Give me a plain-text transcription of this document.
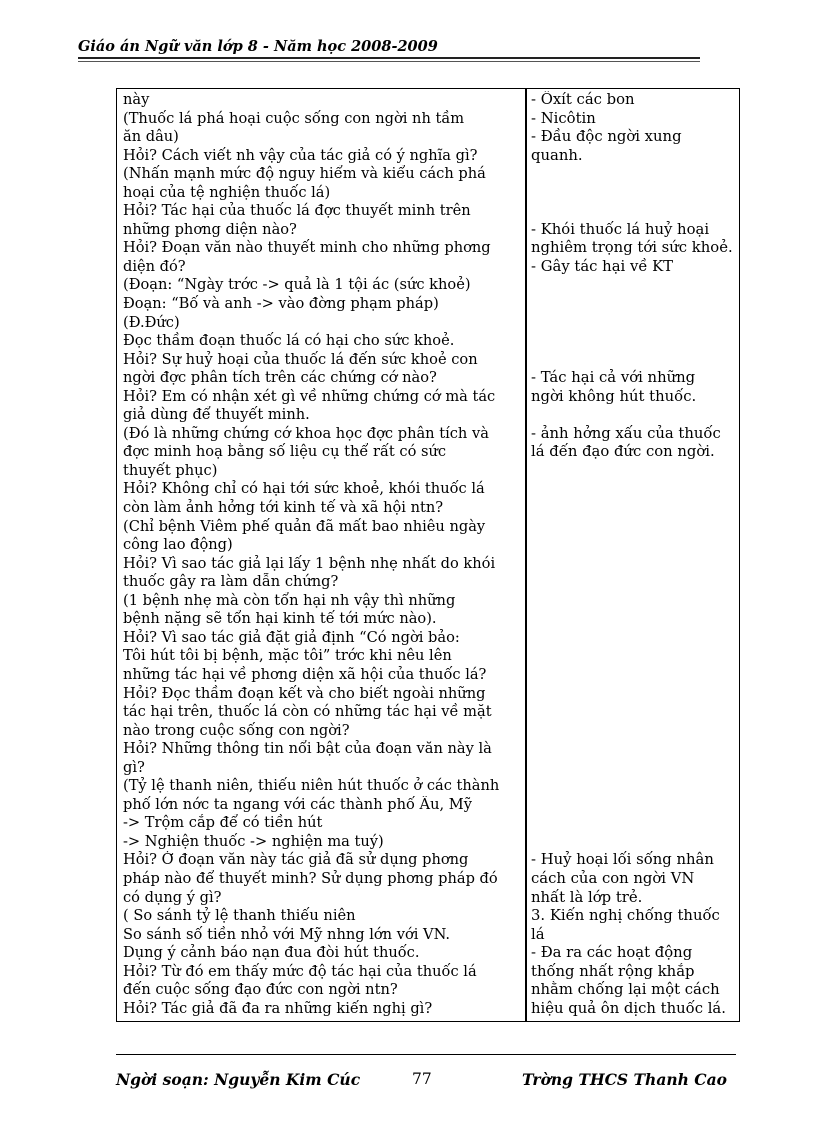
Giáo án Ngữ văn lớp 8 - Năm học 2008-2009
này
(Thuốc lá phá hoại cuộc sống con ngời nh tầm
ăn dâu)
Hỏi? Cách viết nh vậy của tác giả có ý nghĩa gì?
(Nhấn mạnh mức độ nguy hiểm và kiểu cách phá
hoại của tệ nghiện thuốc lá)
Hỏi? Tác hại của thuốc lá đợc thuyết minh trên
những phơng diện nào?
Hỏi? Đoạn văn nào thuyết minh cho những phơng
diện đó?
(Đoạn: “Ngày trớc -> quả là 1 tội ác (sức khoẻ)
Đoạn: “Bố và anh -> vào đờng phạm pháp)
(Đ.Đức)
Đọc thầm đoạn thuốc lá có hại cho sức khoẻ.
Hỏi? Sự huỷ hoại của thuốc lá đến sức khoẻ con
ngời đợc phân tích trên các chứng cớ nào?
Hỏi? Em có nhận xét gì về những chứng cớ mà tác
giả dùng để thuyết minh.
(Đó là những chứng cớ khoa học đợc phân tích và
đợc minh hoạ bằng số liệu cụ thể rất có sức
thuyết phục)
Hỏi? Không chỉ có hại tới sức khoẻ, khói thuốc lá
còn làm ảnh hởng tới kinh tế và xã hội ntn?
(Chỉ bệnh Viêm phế quản đã mất bao nhiêu ngày
công lao động)
Hỏi? Vì sao tác giả lại lấy 1 bệnh nhẹ nhất do khói
thuốc gây ra làm dẫn chứng?
(1 bệnh nhẹ mà còn tổn hại nh vậy thì những
bệnh nặng sẽ tổn hại kinh tế tới mức nào).
Hỏi? Vì sao tác giả đặt giả định “Có ngời bảo:
Tôi hút tôi bị bệnh, mặc tôi” trớc khi nêu lên
những tác hại về phơng diện xã hội của thuốc lá?
Hỏi? Đọc thầm đoạn kết và cho biết ngoài những
tác hại trên, thuốc lá còn có những tác hại về mặt
nào trong cuộc sống con ngời?
Hỏi? Những thông tin nổi bật của đoạn văn này là
gì?
(Tỷ lệ thanh niên, thiếu niên hút thuốc ở các thành
phố lớn nớc ta ngang với các thành phố Âu, Mỹ
-> Trộm cắp để có tiền hút
-> Nghiện thuốc -> nghiện ma tuý)
Hỏi? Ở đoạn văn này tác giả đã sử dụng phơng
pháp nào để thuyết minh? Sử dụng phơng pháp đó
có dụng ý gì?
( So sánh tỷ lệ thanh thiếu niên
So sánh số tiền nhỏ với Mỹ nhng lớn với VN.
Dụng ý cảnh báo nạn đua đòi hút thuốc.
Hỏi? Từ đó em thấy mức độ tác hại của thuốc lá
đến cuộc sống đạo đức con ngời ntn?
Hỏi? Tác giả đã đa ra những kiến nghị gì?
- Ôxít các bon
- Nicôtin
- Đầu độc ngời xung
quanh.
- Khói thuốc lá huỷ hoại
nghiêm trọng tới sức khoẻ.
- Gây tác hại về KT
- Tác hại cả với những
ngời không hút thuốc.
- ảnh hởng xấu của thuốc
lá đến đạo đức con ngời.
- Huỷ hoại lối sống nhân
cách của con ngời VN
nhất là lớp trẻ.
3. Kiến nghị chống thuốc
lá
- Đa ra các hoạt động
thống nhất rộng khắp
nhằm chống lại một cách
hiệu quả ôn dịch thuốc lá.
Ngời soạn: Nguyễn Kim Cúc	77	Trờng THCS Thanh Cao
